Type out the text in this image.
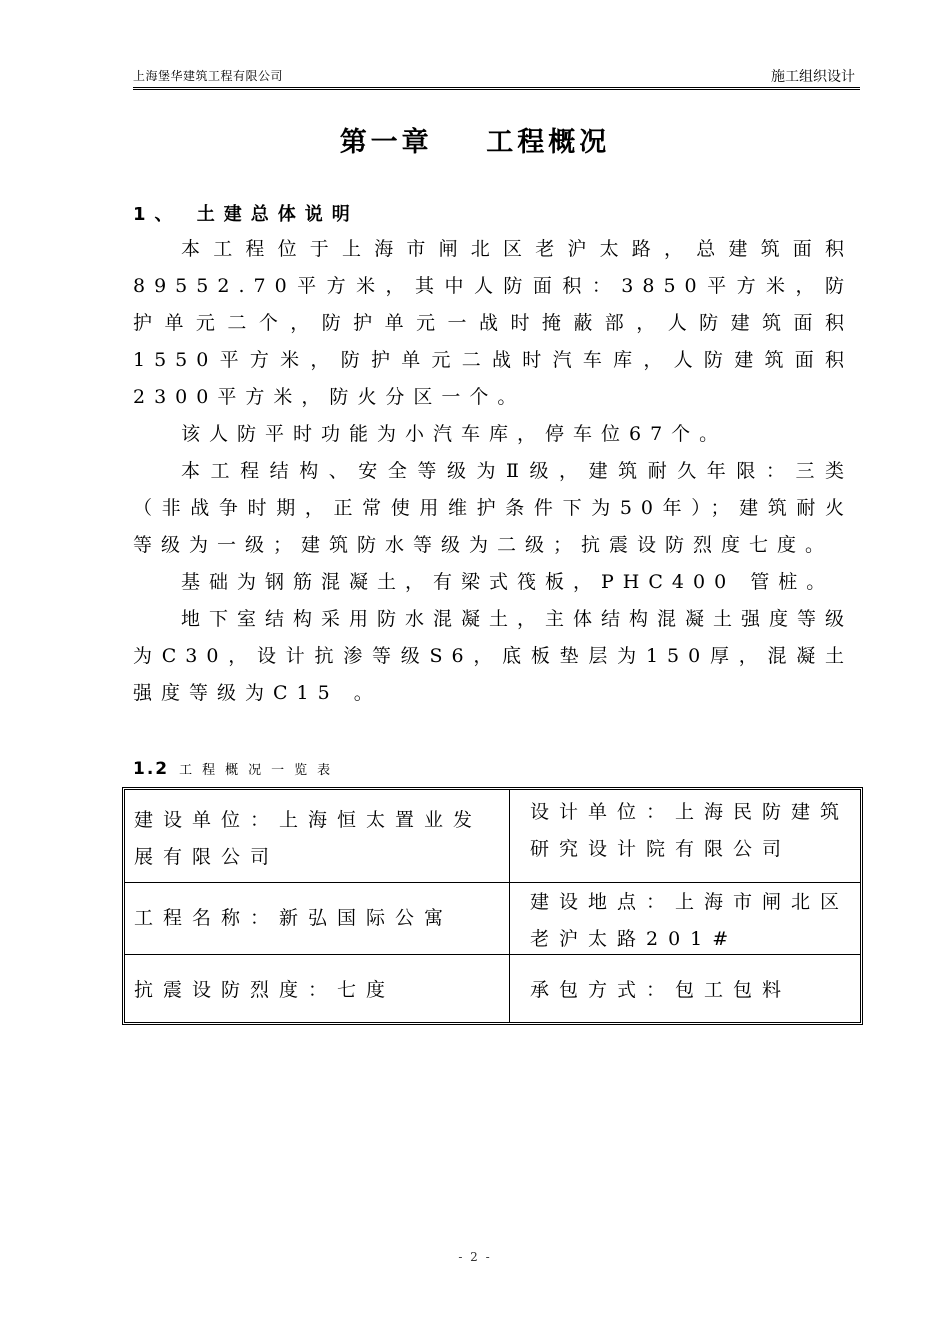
上海堡华建筑工程有限公司	施工组织设计
第一章    工程概况
1、 土建总体说明

本工程位于上海市闸北区老沪太路，总建筑面积89552.70平方米，其中人防面积：3850平方米，防护单元二个，防护单元一战时掩蔽部，人防建筑面积1550平方米，防护单元二战时汽车库，人防建筑面积2300平方米，防火分区一个。

该人防平时功能为小汽车库，停车位67个。

本工程结构、安全等级为Ⅱ级，建筑耐久年限：三类（非战争时期，正常使用维护条件下为50年）；建筑耐火等级为一级；建筑防水等级为二级；抗震设防烈度七度。

基础为钢筋混凝土，有梁式筏板，PHC400 管桩。

地下室结构采用防水混凝土，主体结构混凝土强度等级为C30，设计抗渗等级S6，底板垫层为150厚，混凝土强度等级为C15 。

1.2 工程概况一览表
建设单位：上海恒太置业发展有限公司
设计单位：上海民防建筑研究设计院有限公司
工程名称：新弘国际公寓
建设地点：上海市闸北区老沪太路201#
抗震设防烈度：七度	承包方式：包工包料
- 2 -
